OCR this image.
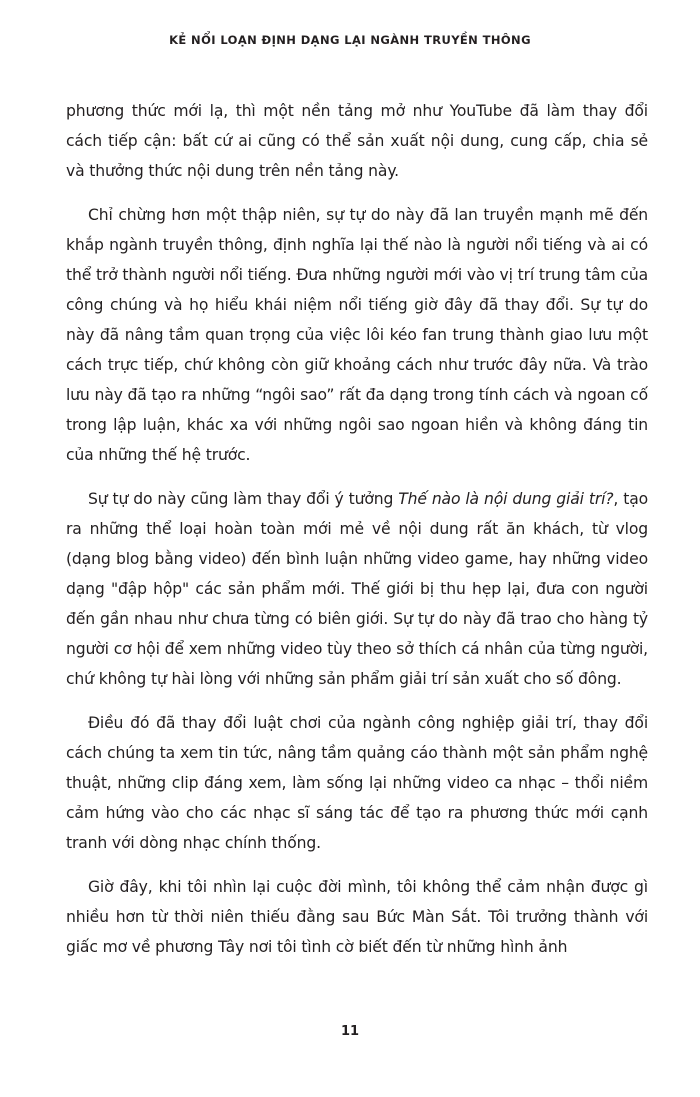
KẺ NỔI LOẠN ĐỊNH DẠNG LẠI NGÀNH TRUYỀN THÔNG

phương thức mới lạ, thì một nền tảng mở như YouTube đã làm thay đổi cách tiếp cận: bất cứ ai cũng có thể sản xuất nội dung, cung cấp, chia sẻ và thưởng thức nội dung trên nền tảng này.

Chỉ chừng hơn một thập niên, sự tự do này đã lan truyền mạnh mẽ đến khắp ngành truyền thông, định nghĩa lại thế nào là người nổi tiếng và ai có thể trở thành người nổi tiếng. Đưa những người mới vào vị trí trung tâm của công chúng và họ hiểu khái niệm nổi tiếng giờ đây đã thay đổi. Sự tự do này đã nâng tầm quan trọng của việc lôi kéo fan trung thành giao lưu một cách trực tiếp, chứ không còn giữ khoảng cách như trước đây nữa. Và trào lưu này đã tạo ra những “ngôi sao” rất đa dạng trong tính cách và ngoan cố trong lập luận, khác xa với những ngôi sao ngoan hiền và không đáng tin của những thế hệ trước.

Sự tự do này cũng làm thay đổi ý tưởng Thế nào là nội dung giải trí?, tạo ra những thể loại hoàn toàn mới mẻ về nội dung rất ăn khách, từ vlog (dạng blog bằng video) đến bình luận những video game, hay những video dạng "đập hộp" các sản phẩm mới. Thế giới bị thu hẹp lại, đưa con người đến gần nhau như chưa từng có biên giới. Sự tự do này đã trao cho hàng tỷ người cơ hội để xem những video tùy theo sở thích cá nhân của từng người, chứ không tự hài lòng với những sản phẩm giải trí sản xuất cho số đông.

Điều đó đã thay đổi luật chơi của ngành công nghiệp giải trí, thay đổi cách chúng ta xem tin tức, nâng tầm quảng cáo thành một sản phẩm nghệ thuật, những clip đáng xem, làm sống lại những video ca nhạc – thổi niềm cảm hứng vào cho các nhạc sĩ sáng tác để tạo ra phương thức mới cạnh tranh với dòng nhạc chính thống.

Giờ đây, khi tôi nhìn lại cuộc đời mình, tôi không thể cảm nhận được gì nhiều hơn từ thời niên thiếu đằng sau Bức Màn Sắt. Tôi trưởng thành với giấc mơ về phương Tây nơi tôi tình cờ biết đến từ những hình ảnh

11
